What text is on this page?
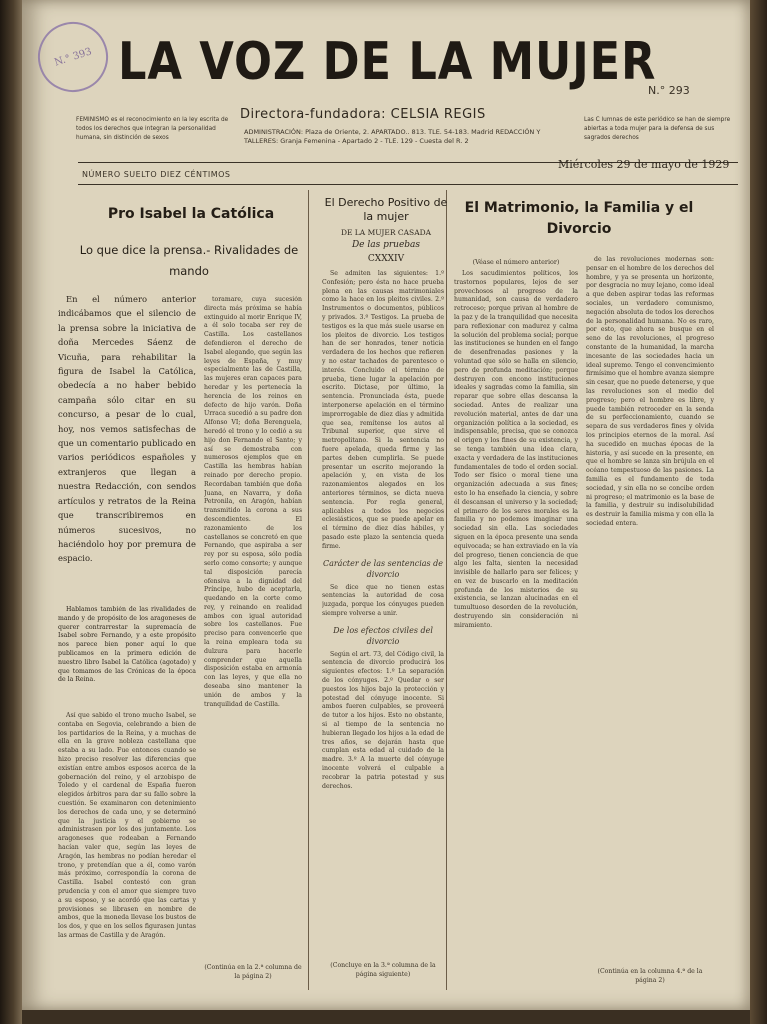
N.° 393 LA VOZ DE LA MUJER
N.° 293
Directora-fundadora: CELSIA REGIS
ADMINISTRACIÓN: Plaza de Oriente, 2. APARTADO.. 813. TLE. 54-183. Madrid REDACCIÓN Y TALLERES: Granja Femenina - Apartado 2 - TLE. 129 - Cuesta del R. 2
FEMINISMO es el reconocimiento en la ley escrita de todos los derechos que integran la personalidad humana, sin distinción de sexos
Las C lumnas de este periódico se han de siempre abiertas a toda mujer para la defensa de sus sagrados derechos
NÚMERO SUELTO DIEZ CÉNTIMOS
Miércoles 29 de mayo de 1929
Pro Isabel la Católica
Lo que dice la prensa.- Rivalidades de mando

En el número anterior indicábamos que el silencio de la prensa sobre la iniciativa de doña Mercedes Sáenz de Vicuña, para rehabilitar la figura de Isabel la Católica, obedecía a no haber bebido campaña sólo citar en su concurso, a pesar de lo cual, hoy, nos vemos satisfechas de que un comentario publicado en varios periódicos españoles y extranjeros que llegan a nuestra Redacción, con sendos artículos y retratos de la Reina que transcribiremos en números sucesivos, no haciéndolo hoy por premura de espacio.

Hablamos también de las rivalidades de mando y de propósito de los aragoneses de querer contrarrestar la supremacía de Isabel sobre Fernando, y a este propósito nos parece bien poner aquí lo que publicamos en la primera edición de nuestro libro Isabel la Católica (agotado) y que tomamos de las Crónicas de la época de la Reina.

Así que sabido el trono mucho Isabel, se contaba en Segovia, celebrando a bien de los partidarios de la Reina, y a muchas de ella en la grave nobleza castellana que estaba a su lado. Fue entonces cuando se hizo preciso resolver las diferencias que existían entre ambos esposos acerca de la gobernación del reino, y el arzobispo de Toledo y el cardenal de España fueron elegidos árbitros para dar su fallo sobre la cuestión. Se examinaron con detenimiento los derechos de cada uno, y se determinó que la justicia y el gobierno se administrasen por los dos juntamente. Los aragoneses que rodeaban a Fernando hacían valer que, según las leyes de Aragón, las hembras no podían heredar el trono, y pretendían que a él, como varón más próximo, correspondía la corona de Castilla. Isabel contestó con gran prudencia y con el amor que siempre tuvo a su esposo, y se acordó que las cartas y provisiones se librasen en nombre de ambos, que la moneda llevase los bustos de los dos, y que en los sellos figurasen juntas las armas de Castilla y de Aragón.

toramare, cuya sucesión directa más próxima se había extinguido al morir Enrique IV, a él solo tocaba ser rey de Castilla. Los castellanos defendieron el derecho de Isabel alegando, que según las leyes de España, y muy especialmente las de Castilla, las mujeres eran capaces para heredar y les pertenecía la herencia de los reinos en defecto de hijo varón. Doña Urraca sucedió a su padre don Alfonso VI; doña Berenguela, heredó el trono y lo cedió a su hijo don Fernando el Santo; y así se demostraba con numerosos ejemplos que en Castilla las hembras habían reinado por derecho propio. Recordaban también que doña Juana, en Navarra, y doña Petronila, en Aragón, habían transmitido la corona a sus descendientes. El razonamiento de los castellanos se concretó en que Fernando, que aspiraba a ser rey por su esposa, sólo podía serlo como consorte; y aunque tal disposición parecía ofensiva a la dignidad del Príncipe, hubo de aceptarla, quedando en la corte como rey, y reinando en realidad ambos con igual autoridad sobre los castellanos. Fue preciso para convencerle que la reina empleara toda su dulzura para hacerle comprender que aquella disposición estaba en armonía con las leyes, y que ella no deseaba sino mantener la unión de ambos y la tranquilidad de Castilla.

(Continúa en la 2.ª columna de la página 2)
El Derecho Positivo de la mujer
DE LA MUJER CASADA
De las pruebas
CXXXIV

Se admiten las siguientes: 1.º Confesión; pero ésta no hace prueba plena en las causas matrimoniales como la hace en los pleitos civiles. 2.º Instrumentos o documentos, públicos y privados. 3.º Testigos. La prueba de testigos es la que más suele usarse en los pleitos de divorcio. Los testigos han de ser honrados, tener noticia verdadera de los hechos que refieren y no estar tachados de parentesco o interés. Concluido el término de prueba, tiene lugar la apelación por escrito. Dictase, por último, la sentencia. Pronunciada ésta, puede interponerse apelación en el término improrrogable de diez días y admitida que sea, remítense los autos al Tribunal superior, que sirve el metropolitano. Si la sentencia no fuere apelada, queda firme y las partes deben cumplirla. Se puede presentar un escrito mejorando la apelación y, en vista de los razonamientos alegados en los anteriores términos, se dicta nueva sentencia. Por regla general, aplicables a todos los negocios eclesiásticos, que se puede apelar en el término de diez días hábiles, y pasado este plazo la sentencia queda firme.

Carácter de las sentencias de divorcio

Se dice que no tienen estas sentencias la autoridad de cosa juzgada, porque los cónyuges pueden siempre volverse a unir.

De los efectos civiles del divorcio

Según el art. 73, del Código civil, la sentencia de divorcio producirá los siguientes efectos: 1.º La separación de los cónyuges. 2.º Quedar o ser puestos los hijos bajo la protección y potestad del cónyuge inocente. Si ambos fueren culpables, se proveerá de tutor a los hijos. Esto no obstante, si al tiempo de la sentencia no hubieran llegado los hijos a la edad de tres años, se dejarán hasta que cumplan esta edad al cuidado de la madre. 3.º A la muerte del cónyuge inocente volverá el culpable a recobrar la patria potestad y sus derechos.

(Concluye en la 3.ª columna de la página siguiente)
El Matrimonio, la Familia y el Divorcio
(Véase el número anterior)

Los sacudimientos políticos, los trastornos populares, lejos de ser provechosos al progreso de la humanidad, son causa de verdadero retroceso; porque privan al hombre de la paz y de la tranquilidad que necesita para reflexionar con madurez y calma la solución del problema social; porque las instituciones se hunden en el fango de desenfrenadas pasiones y la voluntad que sólo se halla en silencio, pero de profunda meditación; porque destruyen con encono instituciones ideales y sagradas como la familia, sin reparar que sobre ellas descansa la sociedad. Antes de realizar una revolución material, antes de dar una organización política a la sociedad, es indispensable, precisa, que se conozca el origen y los fines de su existencia, y se tenga también una idea clara, exacta y verdadera de las instituciones fundamentales de todo el orden social. Todo ser físico o moral tiene una organización adecuada a sus fines; esto lo ha enseñado la ciencia, y sobre él descansan el universo y la sociedad; el primero de los seres morales es la familia y no podemos imaginar una sociedad sin ella. Las sociedades siguen en la época presente una senda equivocada; se han extraviado en la vía del progreso, tienen conciencia de que algo les falta, sienten la necesidad invisible de hallarlo para ser felices; y en vez de buscarlo en la meditación profunda de los misterios de su existencia, se lanzan alucinadas en el tumultuoso desorden de la revolución, destruyendo sin consideración ni miramiento.

de las revoluciones modernas son: pensar en el hombre de los derechos del hombre, y ya se presenta un horizonte, por desgracia no muy lejano, como ideal a que deben aspirar todas las reformas sociales, un verdadero comunismo, negación absoluta de todos los derechos de la personalidad humana. No es raro, por esto, que ahora se busque en el seno de las revoluciones, el progreso constante de la humanidad, la marcha incesante de las sociedades hacia un ideal supremo. Tengo el convencimiento firmísimo que el hombre avanza siempre sin cesar, que no puede detenerse, y que las revoluciones son el medio del progreso; pero el hombre es libre, y puede también retroceder en la senda de su perfeccionamiento, cuando se separa de sus verdaderos fines y olvida los principios eternos de la moral. Así ha sucedido en muchas épocas de la historia, y así sucede en la presente, en que el hombre se lanza sin brújula en el océano tempestuoso de las pasiones. La familia es el fundamento de toda sociedad, y sin ella no se concibe orden ni progreso; el matrimonio es la base de la familia, y destruir su indisolubilidad es destruir la familia misma y con ella la sociedad entera.

(Continúa en la columna 4.ª de la página 2)
